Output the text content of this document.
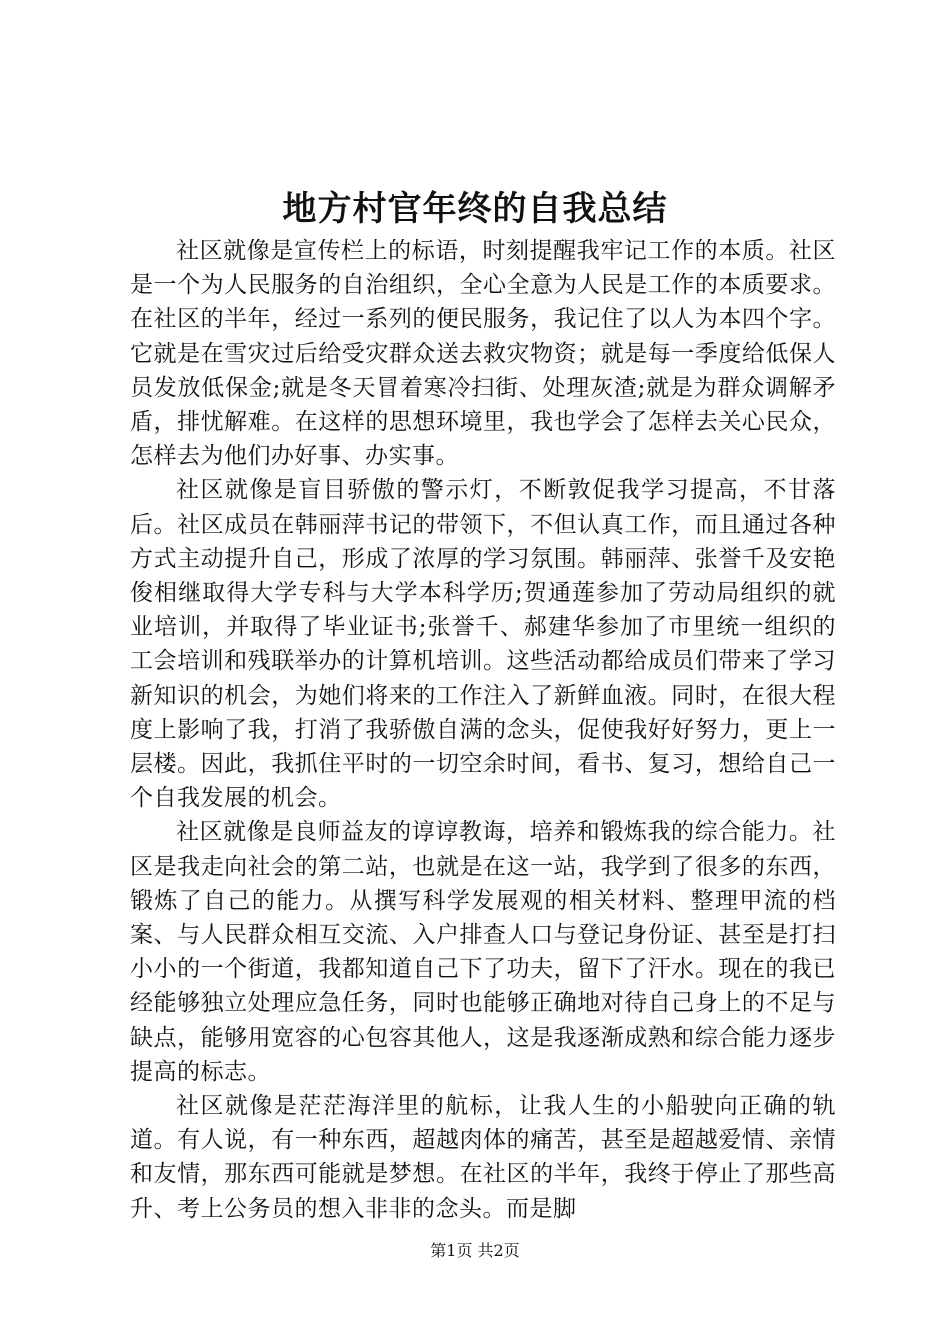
地方村官年终的自我总结

社区就像是宣传栏上的标语，时刻提醒我牢记工作的本质。社区是一个为人民服务的自治组织，全心全意为人民是工作的本质要求。在社区的半年，经过一系列的便民服务，我记住了以人为本四个字。它就是在雪灾过后给受灾群众送去救灾物资；就是每一季度给低保人员发放低保金;就是冬天冒着寒冷扫街、处理灰渣;就是为群众调解矛盾，排忧解难。在这样的思想环境里，我也学会了怎样去关心民众，怎样去为他们办好事、办实事。

社区就像是盲目骄傲的警示灯，不断敦促我学习提高，不甘落后。社区成员在韩丽萍书记的带领下，不但认真工作，而且通过各种方式主动提升自己，形成了浓厚的学习氛围。韩丽萍、张誉千及安艳俊相继取得大学专科与大学本科学历;贺通莲参加了劳动局组织的就业培训，并取得了毕业证书;张誉千、郝建华参加了市里统一组织的工会培训和残联举办的计算机培训。这些活动都给成员们带来了学习新知识的机会，为她们将来的工作注入了新鲜血液。同时，在很大程度上影响了我，打消了我骄傲自满的念头，促使我好好努力，更上一层楼。因此，我抓住平时的一切空余时间，看书、复习，想给自己一个自我发展的机会。

社区就像是良师益友的谆谆教诲，培养和锻炼我的综合能力。社区是我走向社会的第二站，也就是在这一站，我学到了很多的东西，锻炼了自己的能力。从撰写科学发展观的相关材料、整理甲流的档案、与人民群众相互交流、入户排查人口与登记身份证、甚至是打扫小小的一个街道，我都知道自己下了功夫，留下了汗水。现在的我已经能够独立处理应急任务，同时也能够正确地对待自己身上的不足与缺点，能够用宽容的心包容其他人，这是我逐渐成熟和综合能力逐步提高的标志。

社区就像是茫茫海洋里的航标，让我人生的小船驶向正确的轨道。有人说，有一种东西，超越肉体的痛苦，甚至是超越爱情、亲情和友情，那东西可能就是梦想。在社区的半年，我终于停止了那些高升、考上公务员的想入非非的念头。而是脚

第1页 共2页
